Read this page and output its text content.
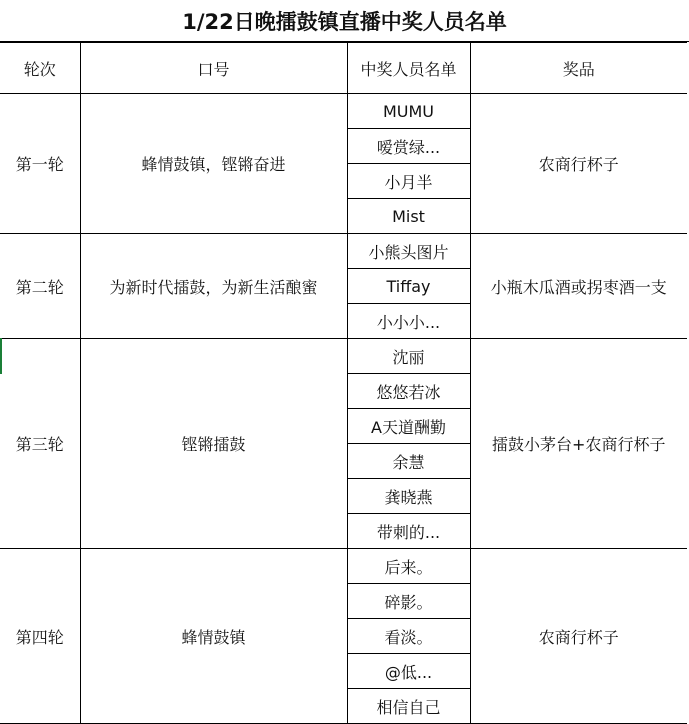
1/22日晚擂鼓镇直播中奖人员名单
轮次	口号	中奖人员名单	奖品
第一轮	蜂情鼓镇，铿锵奋进	MUMU	农商行杯子
		嗳赏绿...	
		小月半	
		Mist	
第二轮	为新时代擂鼓，为新生活酿蜜	小熊头图片	小瓶木瓜酒或拐枣酒一支
		Tiffay	
		小小小...	
第三轮	铿锵擂鼓	沈丽	擂鼓小茅台+农商行杯子
		悠悠若冰	
		A天道酬勤	
		余慧	
		龚晓燕	
		带刺的...	
第四轮	蜂情鼓镇	后来。	农商行杯子
		碎影。	
		看淡。	
		@低...	
		相信自己	
